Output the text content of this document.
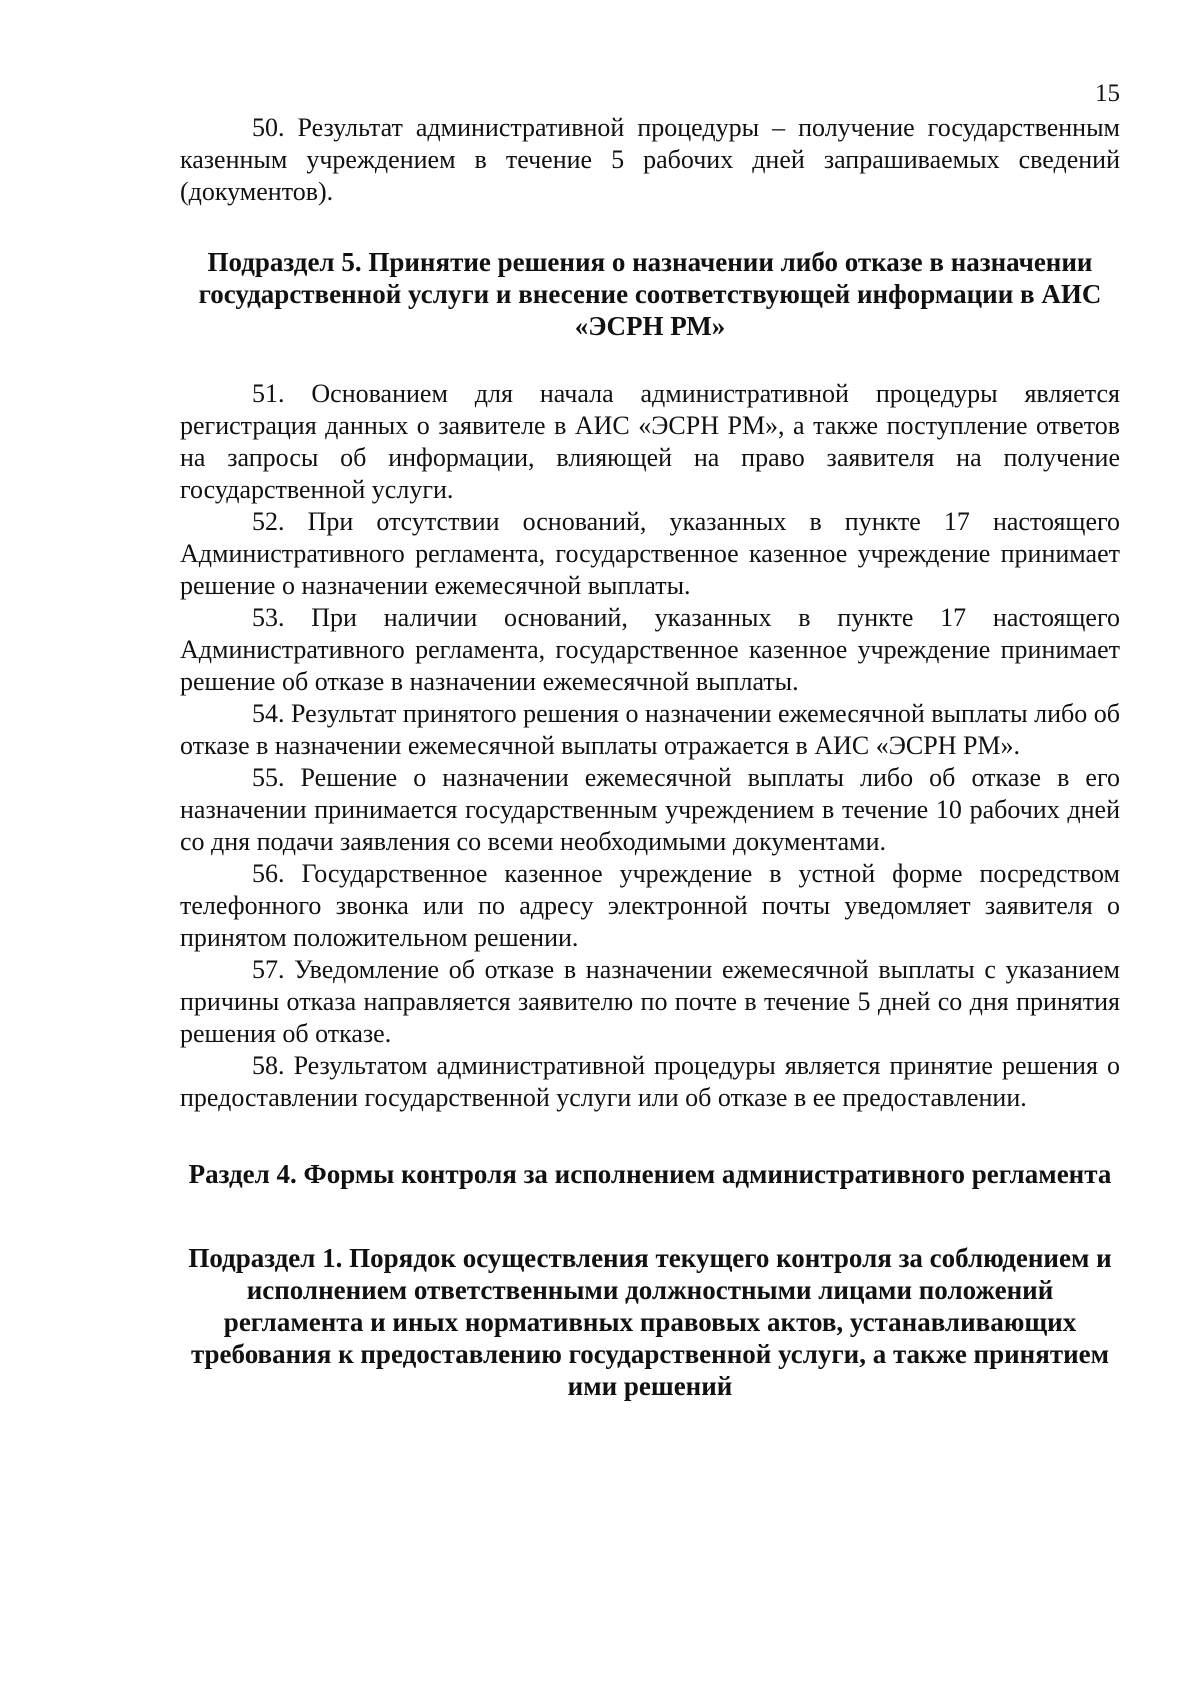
15

50. Результат административной процедуры – получение государственным казенным учреждением в течение 5 рабочих дней запрашиваемых сведений (документов).

Подраздел 5. Принятие решения о назначении либо отказе в назначении государственной услуги и внесение соответствующей информации в АИС «ЭСРН РМ»

51. Основанием для начала административной процедуры является регистрация данных о заявителе в АИС «ЭСРН РМ», а также поступление ответов на запросы об информации, влияющей на право заявителя на получение государственной услуги.

52. При отсутствии оснований, указанных в пункте 17 настоящего Административного регламента, государственное казенное учреждение принимает решение о назначении ежемесячной выплаты.

53. При наличии оснований, указанных в пункте 17 настоящего Административного регламента, государственное казенное учреждение принимает решение об отказе в назначении ежемесячной выплаты.

54. Результат принятого решения о назначении ежемесячной выплаты либо об отказе в назначении ежемесячной выплаты отражается в АИС «ЭСРН РМ».

55. Решение о назначении ежемесячной выплаты либо об отказе в его назначении принимается государственным учреждением в течение 10 рабочих дней со дня подачи заявления со всеми необходимыми документами.

56. Государственное казенное учреждение в устной форме посредством телефонного звонка или по адресу электронной почты уведомляет заявителя о принятом положительном решении.

57. Уведомление об отказе в назначении ежемесячной выплаты с указанием причины отказа направляется заявителю по почте в течение 5 дней со дня принятия решения об отказе.

58. Результатом административной процедуры является принятие решения о предоставлении государственной услуги или об отказе в ее предоставлении.

Раздел 4. Формы контроля за исполнением административного регламента
Подраздел 1. Порядок осуществления текущего контроля за соблюдением и исполнением ответственными должностными лицами положений регламента и иных нормативных правовых актов, устанавливающих требования к предоставлению государственной услуги, а также принятием ими решений
